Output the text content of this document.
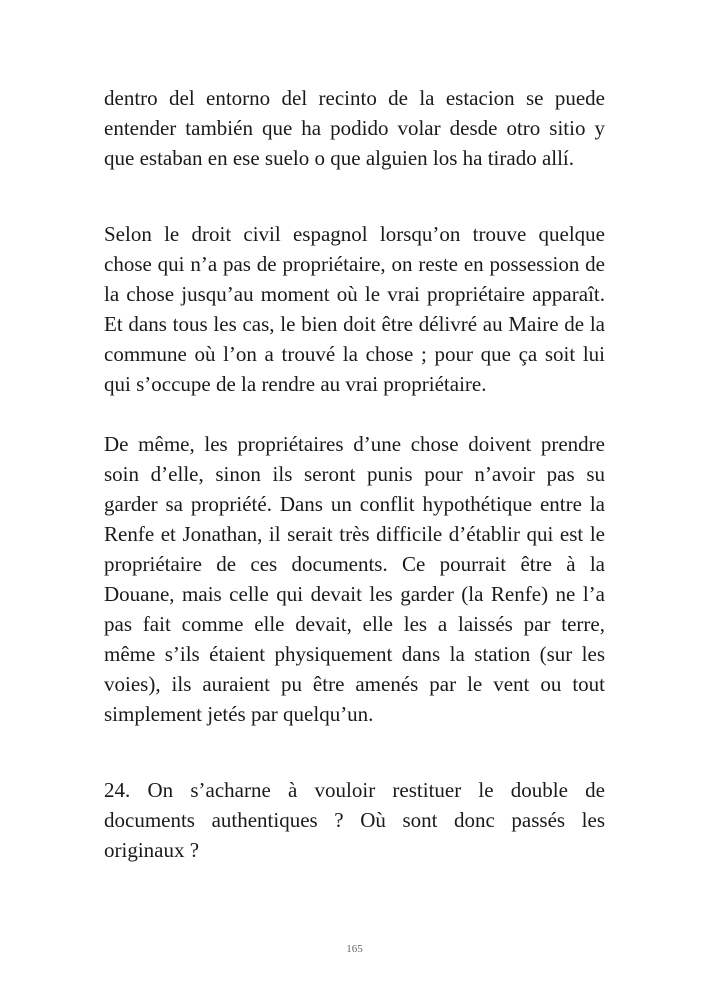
dentro del entorno del recinto de la estacion se puede entender también que ha podido volar desde otro sitio y que estaban en ese suelo o que alguien los ha tirado allí.

Selon le droit civil espagnol lorsqu’on trouve quelque chose qui n’a pas de propriétaire, on reste en possession de la chose jusqu’au moment où le vrai propriétaire apparaît. Et dans tous les cas, le bien doit être délivré au Maire de la commune où l’on a trouvé la chose ; pour que ça soit lui qui s’occupe de la rendre au vrai propriétaire.

De même, les propriétaires d’une chose doivent prendre soin d’elle, sinon ils seront punis pour n’avoir pas su garder sa propriété. Dans un conflit hypothétique entre la Renfe et Jonathan, il serait très difficile d’établir qui est le propriétaire de ces documents. Ce pourrait être à la Douane, mais celle qui devait les garder (la Renfe) ne l’a pas fait comme elle devait, elle les a laissés par terre, même s’ils étaient physiquement dans la station (sur les voies), ils auraient pu être amenés par le vent ou tout simplement jetés par quelqu’un.

24. On s’acharne à vouloir restituer le double de documents authentiques ? Où sont donc passés les originaux ?

165
